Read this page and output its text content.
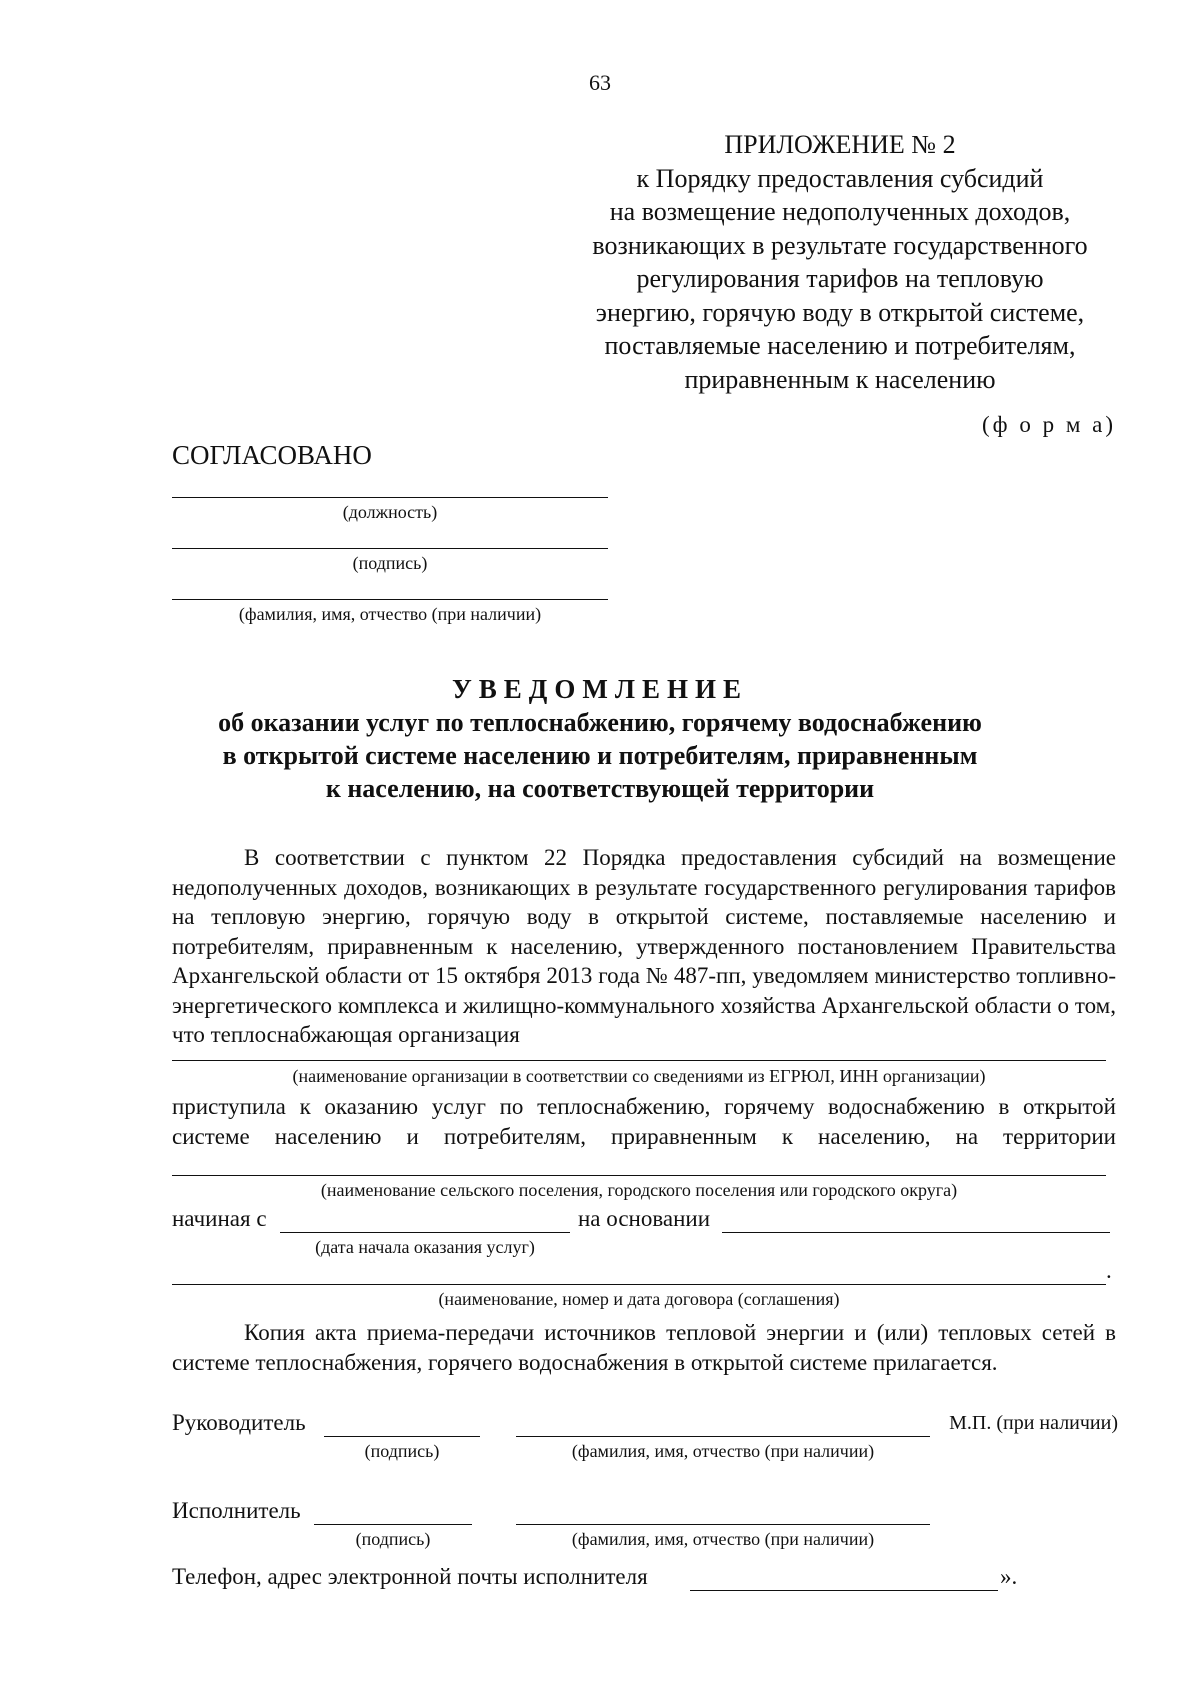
63
ПРИЛОЖЕНИЕ № 2
к Порядку предоставления субсидий
на возмещение недополученных доходов,
возникающих в результате государственного
регулирования тарифов на тепловую
энергию, горячую воду в открытой системе,
поставляемые населению и потребителям,
приравненным к населению
(ф о р м а)
СОГЛАСОВАНО
(должность)
(подпись)
(фамилия, имя, отчество (при наличии)
УВЕДОМЛЕНИЕ
об оказании услуг по теплоснабжению, горячему водоснабжению
в открытой системе населению и потребителям, приравненным
к населению, на соответствующей территории

В соответствии с пунктом 22 Порядка предоставления субсидий на возмещение недополученных доходов, возникающих в результате государственного регулирования тарифов на тепловую энергию, горячую воду в открытой системе, поставляемые населению и потребителям, приравненным к населению, утвержденного постановлением Правительства Архангельской области от 15 октября 2013 года № 487-пп, уведомляем министерство топливно-энергетического комплекса и жилищно-коммунального хозяйства Архангельской области о том, что теплоснабжающая организация

(наименование организации в соответствии со сведениями из ЕГРЮЛ, ИНН организации)

приступила к оказанию услуг по теплоснабжению, горячему водоснабжению в открытой

системе населению и потребителям, приравненным к населению, на территории

(наименование сельского поселения, городского поселения или городского округа)
начиная с
(дата начала оказания услуг)
на основании
.
(наименование, номер и дата договора (соглашения)

Копия акта приема-передачи источников тепловой энергии и (или) тепловых сетей в системе теплоснабжения, горячего водоснабжения в открытой системе прилагается.

Руководитель	М.П. (при наличии)
(подпись)	(фамилия, имя, отчество (при наличии)
Исполнитель
(подпись)	(фамилия, имя, отчество (при наличии)
Телефон, адрес электронной почты исполнителя	».
